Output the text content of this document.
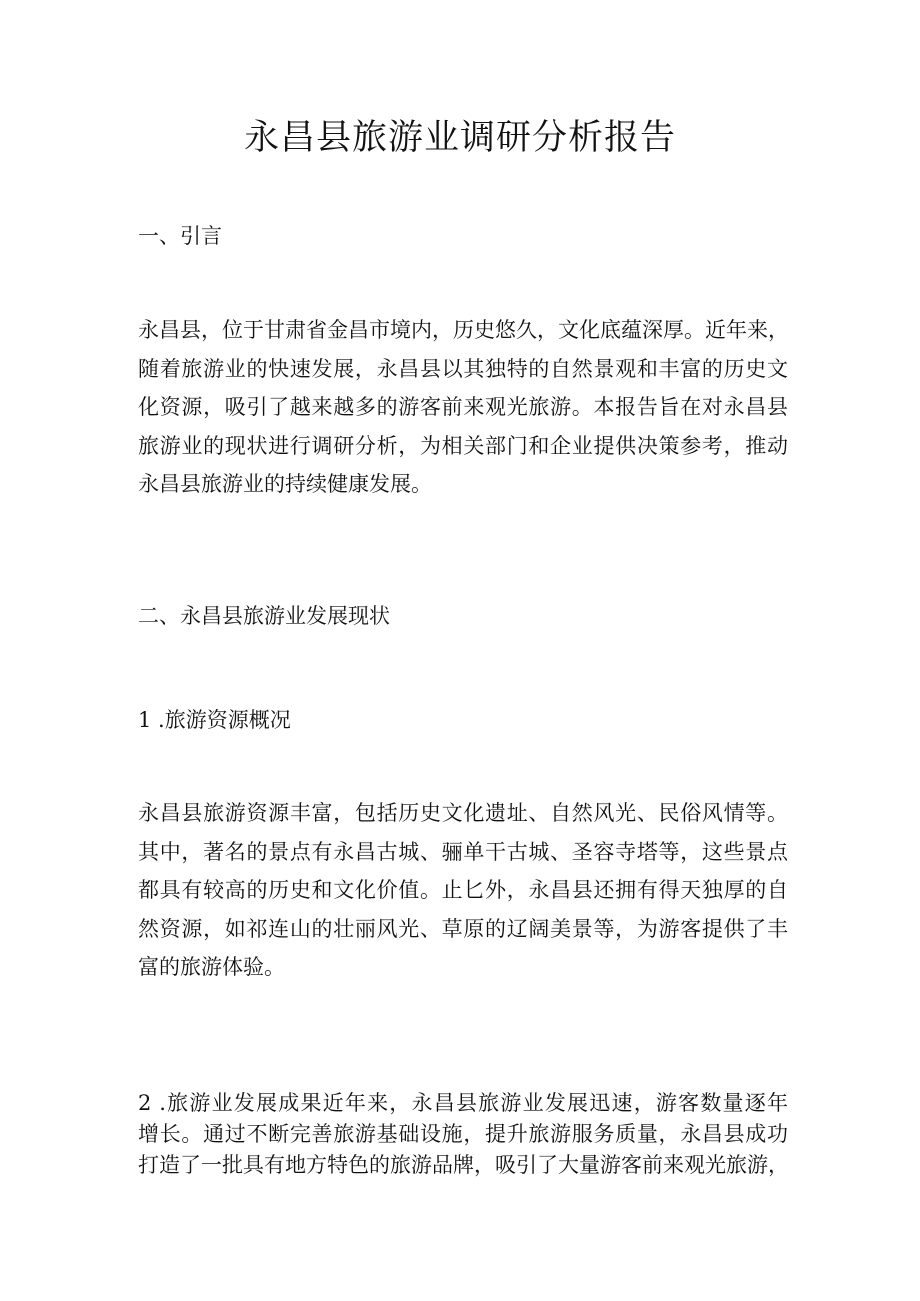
永昌县旅游业调研分析报告
一、引言
永昌县，位于甘肃省金昌市境内，历史悠久，文化底蕴深厚。近年来，
随着旅游业的快速发展，永昌县以其独特的自然景观和丰富的历史文
化资源，吸引了越来越多的游客前来观光旅游。本报告旨在对永昌县
旅游业的现状进行调研分析，为相关部门和企业提供决策参考，推动
永昌县旅游业的持续健康发展。
二、永昌县旅游业发展现状
1 .旅游资源概况
永昌县旅游资源丰富，包括历史文化遗址、自然风光、民俗风情等。
其中，著名的景点有永昌古城、骊单干古城、圣容寺塔等，这些景点
都具有较高的历史和文化价值。止匕外，永昌县还拥有得天独厚的自
然资源，如祁连山的壮丽风光、草原的辽阔美景等，为游客提供了丰
富的旅游体验。
2 .旅游业发展成果近年来，永昌县旅游业发展迅速，游客数量逐年
增长。通过不断完善旅游基础设施，提升旅游服务质量，永昌县成功
打造了一批具有地方特色的旅游品牌，吸引了大量游客前来观光旅游，
